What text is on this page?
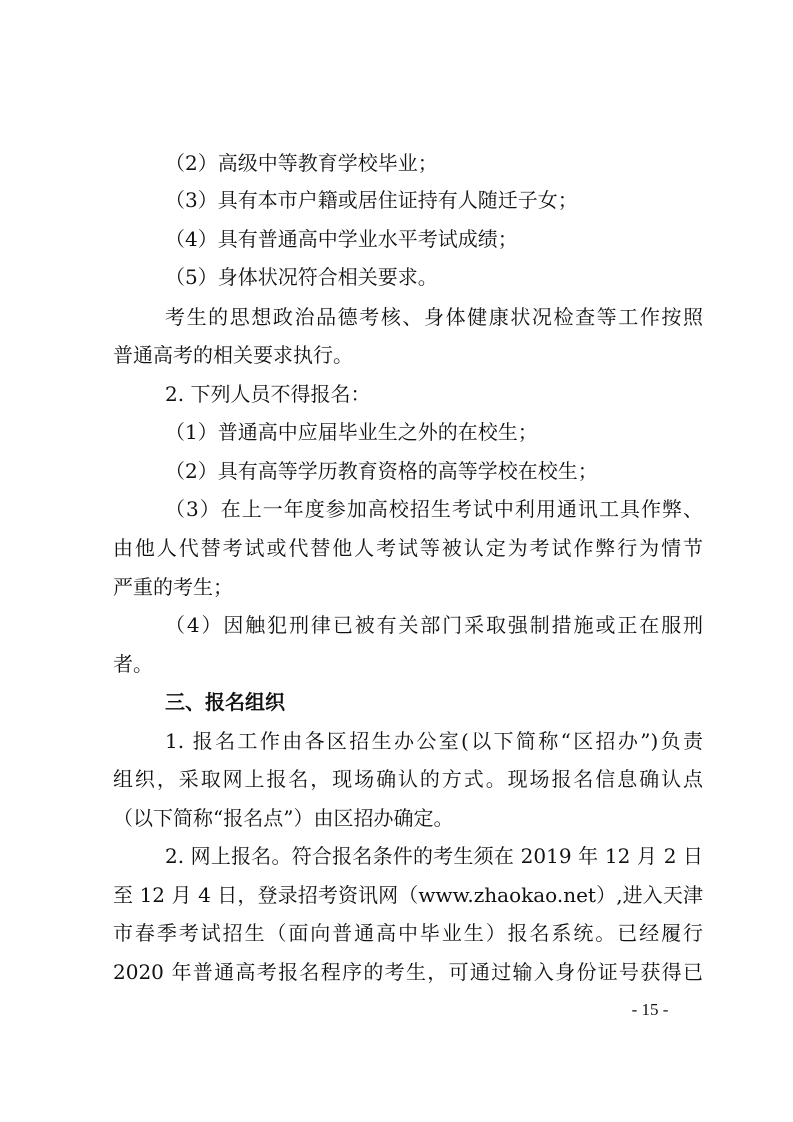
（2）高级中等教育学校毕业；
（3）具有本市户籍或居住证持有人随迁子女；
（4）具有普通高中学业水平考试成绩；
（5）身体状况符合相关要求。
考生的思想政治品德考核、身体健康状况检查等工作按照
普通高考的相关要求执行。
2. 下列人员不得报名：
（1）普通高中应届毕业生之外的在校生；
（2）具有高等学历教育资格的高等学校在校生；
（3）在上一年度参加高校招生考试中利用通讯工具作弊、
由他人代替考试或代替他人考试等被认定为考试作弊行为情节
严重的考生；
（4）因触犯刑律已被有关部门采取强制措施或正在服刑
者。
三、报名组织
1. 报名工作由各区招生办公室(以下简称“区招办”)负责
组织，采取网上报名，现场确认的方式。现场报名信息确认点
（以下简称“报名点”）由区招办确定。
2. 网上报名。符合报名条件的考生须在 2019 年 12 月 2 日
至 12 月 4 日，登录招考资讯网（www.zhaokao.net）,进入天津
市春季考试招生（面向普通高中毕业生）报名系统。已经履行
2020 年普通高考报名程序的考生，可通过输入身份证号获得已
- 15 -
